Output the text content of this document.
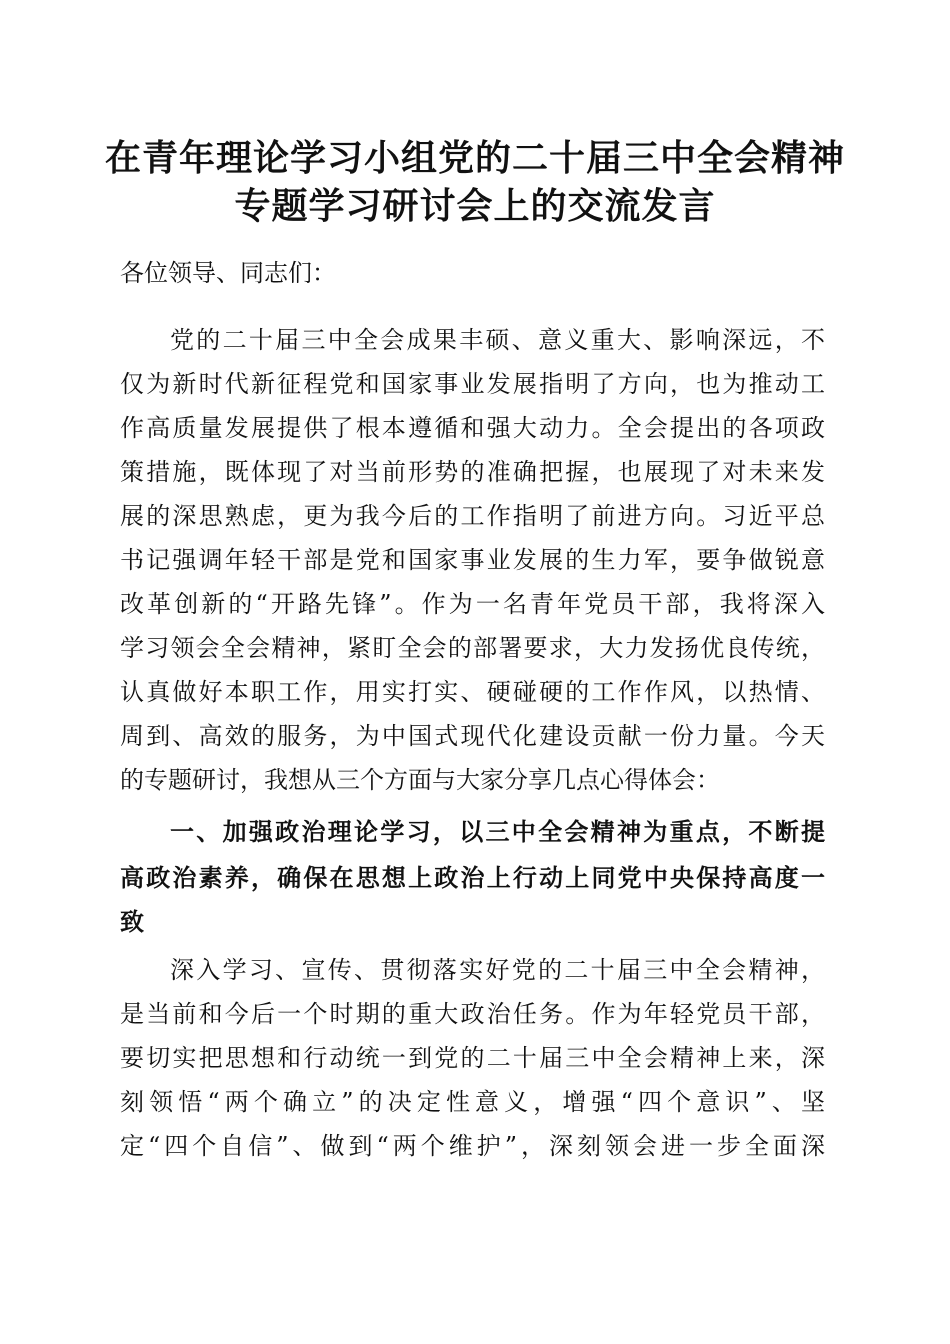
在青年理论学习小组党的二十届三中全会精神
专题学习研讨会上的交流发言
各位领导、同志们：
党的二十届三中全会成果丰硕、意义重大、影响深远，不
仅为新时代新征程党和国家事业发展指明了方向，也为推动工
作高质量发展提供了根本遵循和强大动力。全会提出的各项政
策措施，既体现了对当前形势的准确把握，也展现了对未来发
展的深思熟虑，更为我今后的工作指明了前进方向。习近平总
书记强调年轻干部是党和国家事业发展的生力军，要争做锐意
改革创新的“开路先锋”。作为一名青年党员干部，我将深入
学习领会全会精神，紧盯全会的部署要求，大力发扬优良传统，
认真做好本职工作，用实打实、硬碰硬的工作作风，以热情、
周到、高效的服务，为中国式现代化建设贡献一份力量。今天
的专题研讨，我想从三个方面与大家分享几点心得体会：
一、加强政治理论学习，以三中全会精神为重点，不断提
高政治素养，确保在思想上政治上行动上同党中央保持高度一
致
深入学习、宣传、贯彻落实好党的二十届三中全会精神，
是当前和今后一个时期的重大政治任务。作为年轻党员干部，
要切实把思想和行动统一到党的二十届三中全会精神上来，深
刻领悟“两个确立”的决定性意义，增强“四个意识”、坚
定“四个自信”、做到“两个维护”，深刻领会进一步全面深
